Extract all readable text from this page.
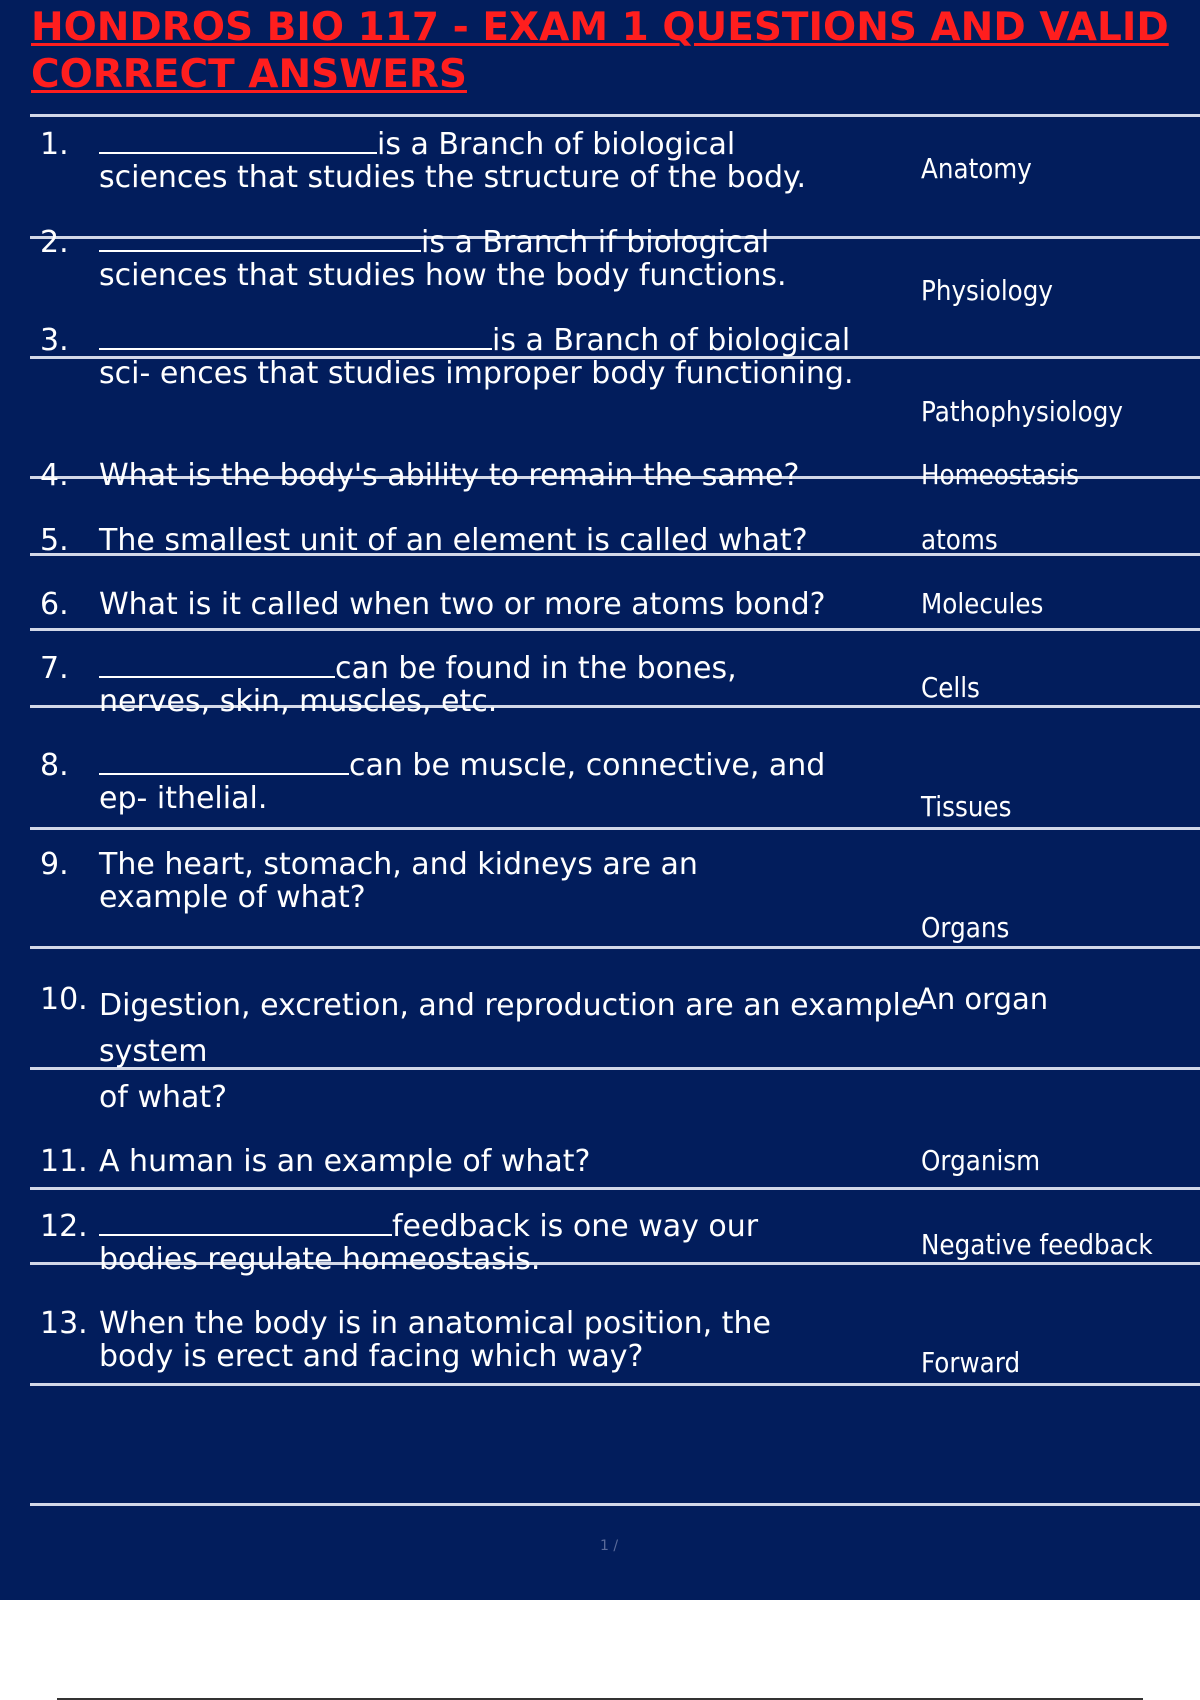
HONDROS BIO 117 - EXAM 1 QUESTIONS AND VALID CORRECT ANSWERS
1.	is a Branch of biological
sciences that studies the structure of the body.	Anatomy
2.	is a Branch if biological
sciences that studies how the body functions.	Physiology
3.	is a Branch of biological
sci- ences that studies improper body functioning.
Pathophysiology
4. What is the body's ability to remain the same?	Homeostasis
5. The smallest unit of an element is called what?	atoms
6. What is it called when two or more atoms bond?	Molecules
7.	can be found in the bones,
nerves, skin, muscles, etc.	Cells
8.	can be muscle, connective, and
ep- ithelial.	Tissues
9. The heart, stomach, and kidneys are an
example of what?
Organs
10. Digestion, excretion, and reproduction are an example
system
of what?
An organ
11. A human is an example of what?	Organism
12.	feedback is one way our
bodies regulate homeostasis.	Negative feedback
13. When the body is in anatomical position, the
body is erect and facing which way?	Forward
1 /
